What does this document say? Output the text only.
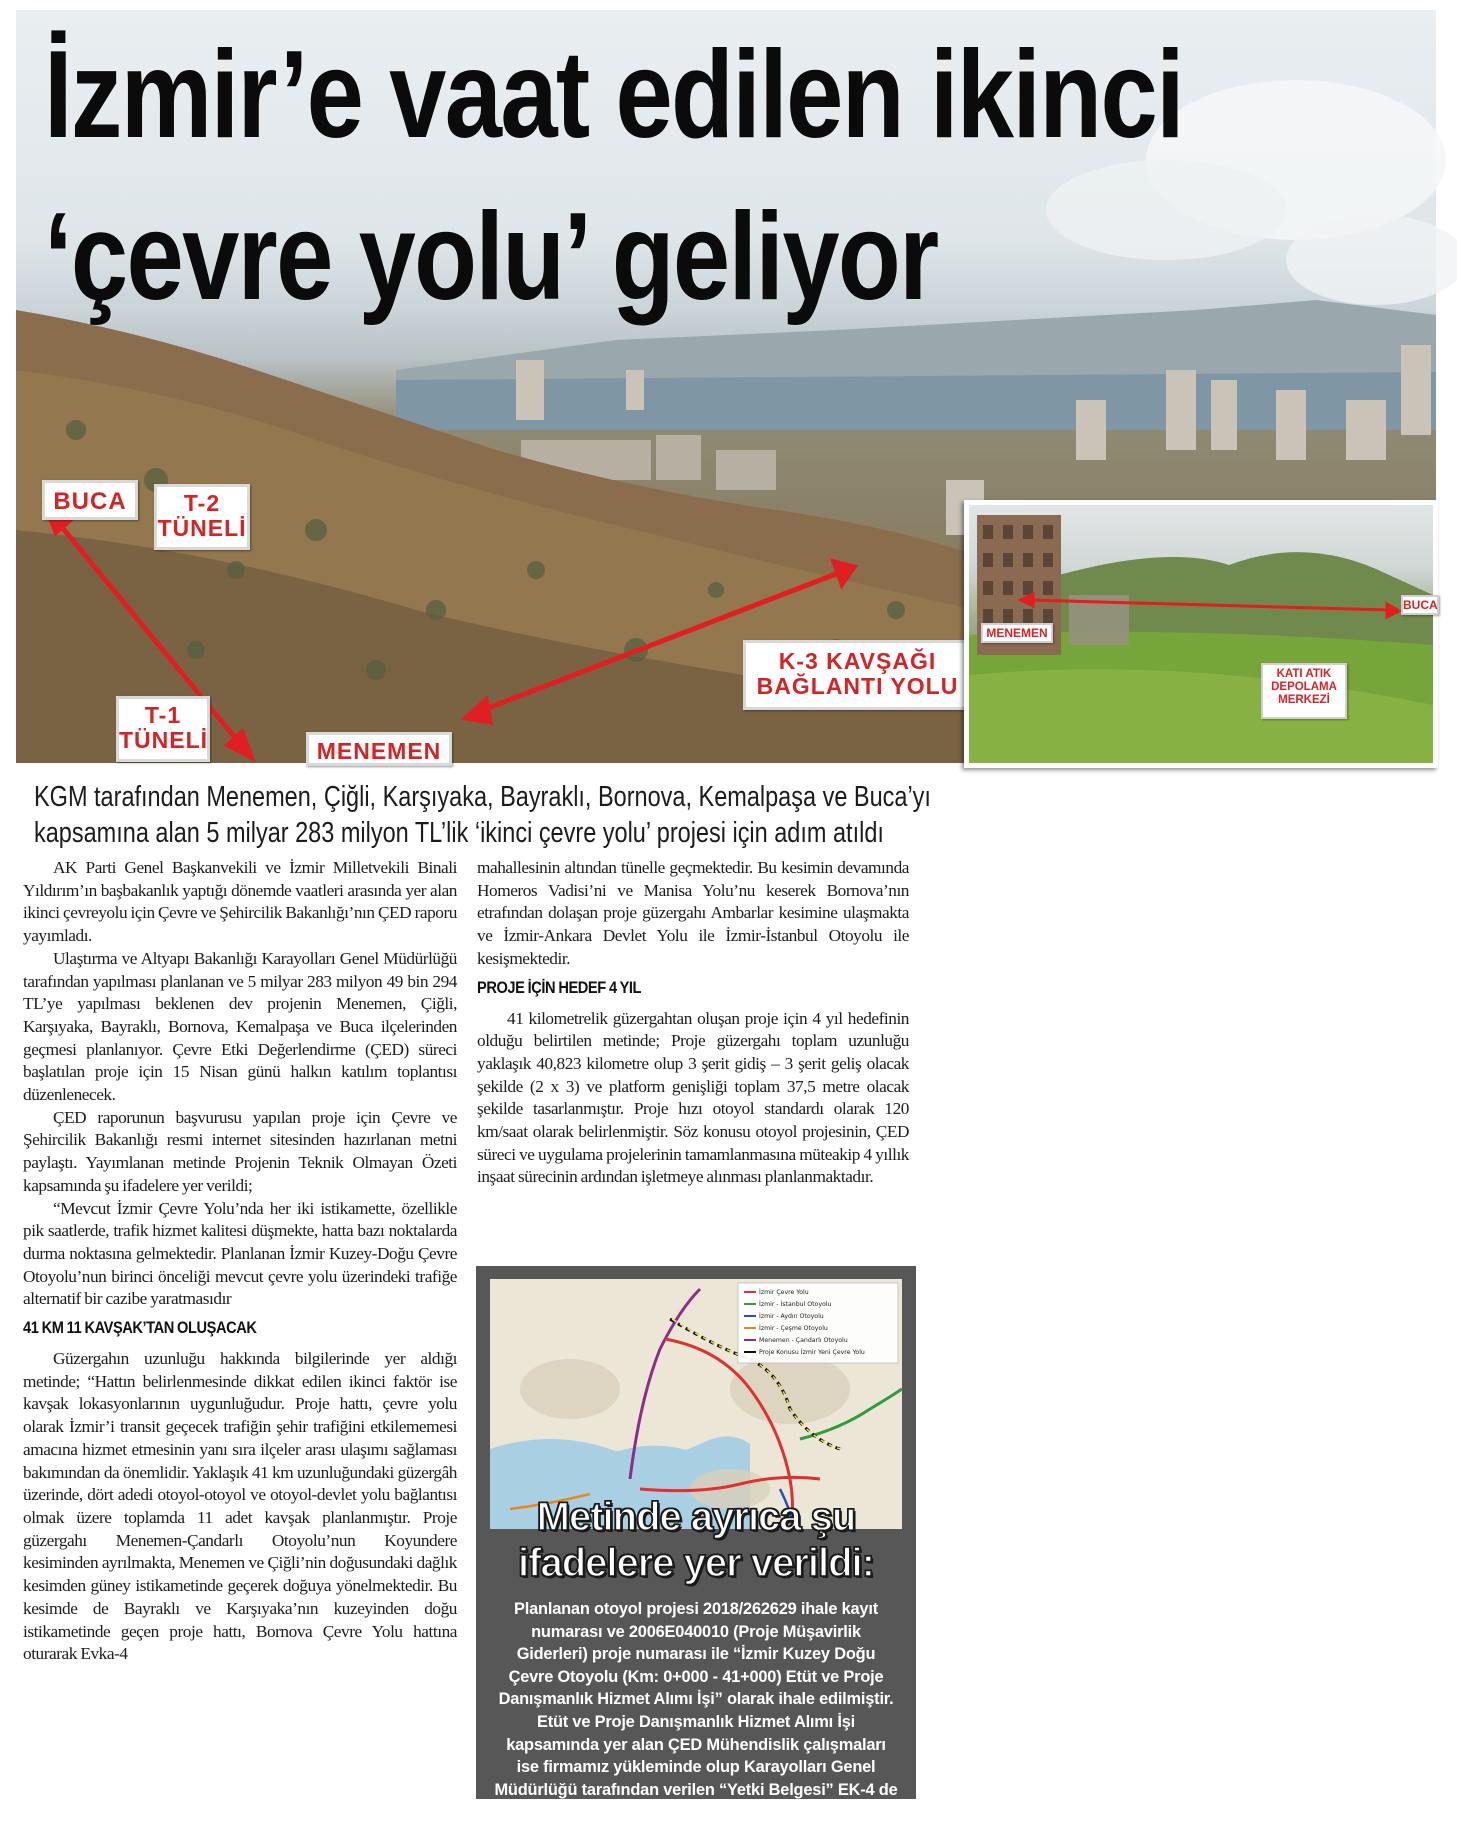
İzmir’e vaat edilen ikinci
‘çevre yolu’ geliyor
BUCA	T-2
TÜNELİ
T-1
TÜNELİ	MENEMEN
K-3 KAVŞAĞI
BAĞLANTI YOLU
MENEMEN
BUCA
KATI ATIK
DEPOLAMA
MERKEZİ
KGM tarafından Menemen, Çiğli, Karşıyaka, Bayraklı, Bornova, Kemalpaşa ve Buca’yı
kapsamına alan 5 milyar 283 milyon TL’lik ‘ikinci çevre yolu’ projesi için adım atıldı

AK Parti Genel Başkanvekili ve İzmir Milletvekili Binali Yıldırım’ın başbakanlık yaptığı dönemde vaatleri arasında yer alan ikinci çevreyolu için Çevre ve Şehircilik Bakanlığı’nın ÇED raporu yayımladı.

Ulaştırma ve Altyapı Bakanlığı Karayolları Genel Müdürlüğü tarafından yapılması planlanan ve 5 milyar 283 milyon 49 bin 294 TL’ye yapılması beklenen dev projenin Menemen, Çiğli, Karşıyaka, Bayraklı, Bornova, Kemalpaşa ve Buca ilçelerinden geçmesi planlanıyor. Çevre Etki Değerlendirme (ÇED) süreci başlatılan proje için 15 Nisan günü halkın katılım toplantısı düzenlenecek.

ÇED raporunun başvurusu yapılan proje için Çevre ve Şehircilik Bakanlığı resmi internet sitesinden hazırlanan metni paylaştı. Yayımlanan metinde Projenin Teknik Olmayan Özeti kapsamında şu ifadelere yer verildi;

“Mevcut İzmir Çevre Yolu’nda her iki istikamette, özellikle pik saatlerde, trafik hizmet kalitesi düşmekte, hatta bazı noktalarda durma noktasına gelmektedir. Planlanan İzmir Kuzey-Doğu Çevre Otoyolu’nun birinci önceliği mevcut çevre yolu üzerindeki trafiğe alternatif bir cazibe yaratmasıdır

41 KM 11 KAVŞAK’TAN OLUŞACAK

Güzergahın uzunluğu hakkında bilgilerinde yer aldığı metinde; “Hattın belirlenmesinde dikkat edilen ikinci faktör ise kavşak lokasyonlarının uygunluğudur. Proje hattı, çevre yolu olarak İzmir’i transit geçecek trafiğin şehir trafiğini etkilememesi amacına hizmet etmesinin yanı sıra ilçeler arası ulaşımı sağlaması bakımından da önemlidir. Yaklaşık 41 km uzunluğundaki güzergâh üzerinde, dört adedi otoyol-otoyol ve otoyol-devlet yolu bağlantısı olmak üzere toplamda 11 adet kavşak planlanmıştır. Proje güzergahı Menemen-Çandarlı Otoyolu’nun Koyundere kesiminden ayrılmakta, Menemen ve Çiğli’nin doğusundaki dağlık kesimden güney istikametinde geçerek doğuya yönelmektedir. Bu kesimde de Bayraklı ve Karşıyaka’nın kuzeyinden doğu istikametinde geçen proje hattı, Bornova Çevre Yolu hattına oturarak Evka-4

mahallesinin altından tünelle geçmektedir. Bu kesimin devamında Homeros Vadisi’ni ve Manisa Yolu’nu keserek Bornova’nın etrafından dolaşan proje güzergahı Ambarlar kesimine ulaşmakta ve İzmir-Ankara Devlet Yolu ile İzmir-İstanbul Otoyolu ile kesişmektedir.

PROJE İÇİN HEDEF 4 YIL

41 kilometrelik güzergahtan oluşan proje için 4 yıl hedefinin olduğu belirtilen metinde; Proje güzergahı toplam uzunluğu yaklaşık 40,823 kilometre olup 3 şerit gidiş – 3 şerit geliş olacak şekilde (2 x 3) ve platform genişliği toplam 37,5 metre olacak şekilde tasarlanmıştır. Proje hızı otoyol standardı olarak 120 km/saat olarak belirlenmiştir. Söz konusu otoyol projesinin, ÇED süreci ve uygulama projelerinin tamamlanmasına müteakip 4 yıllık inşaat sürecinin ardından işletmeye alınması planlanmaktadır.

İzmir Çevre Yolu
İzmir - İstanbul Otoyolu
İzmir - Aydın Otoyolu
İzmir - Çeşme Otoyolu
Menemen - Çandarlı Otoyolu
Proje Konusu İzmir Yeni Çevre Yolu
Metinde ayrıca şu
ifadelere yer verildi:
Planlanan otoyol projesi 2018/262629 ihale kayıt numarası ve 2006E040010 (Proje Müşavirlik Giderleri) proje numarası ile “İzmir Kuzey Doğu Çevre Otoyolu (Km: 0+000 - 41+000) Etüt ve Proje Danışmanlık Hizmet Alımı İşi” olarak ihale edilmiştir. Etüt ve Proje Danışmanlık Hizmet Alımı İşi kapsamında yer alan ÇED Mühendislik çalışmaları ise firmamız yükleminde olup Karayolları Genel Müdürlüğü tarafından verilen “Yetki Belgesi” EK-4 de yer almaktadır.
